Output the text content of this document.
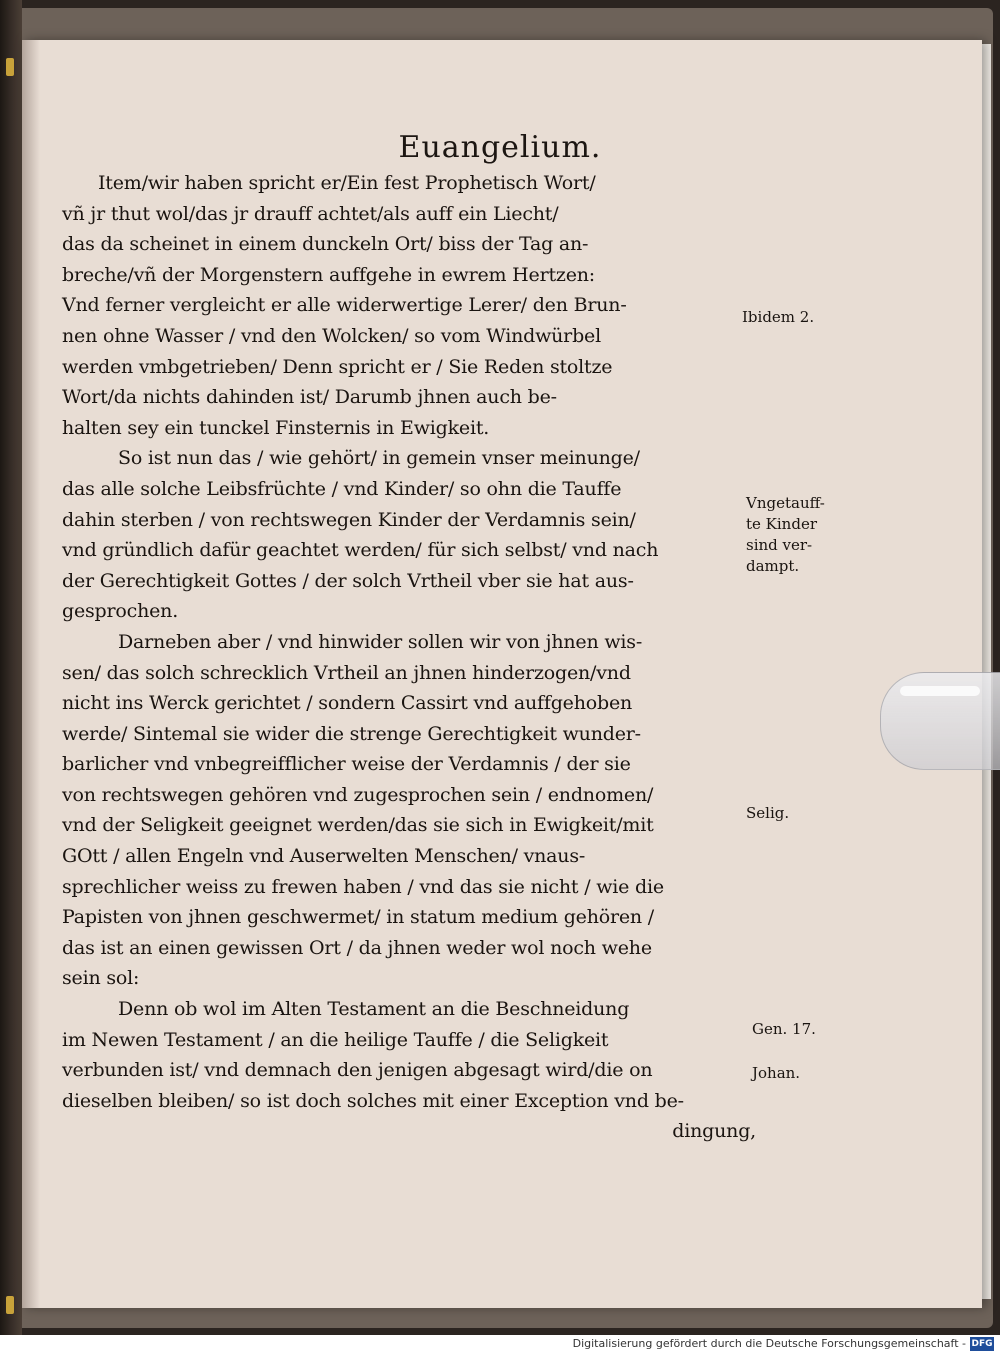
Euangelium.
Item/wir haben spricht er/Ein fest Prophetisch Wort/
vñ jr thut wol/das jr drauff achtet/als auff ein Liecht/
das da scheinet in einem dunckeln Ort/ biss der Tag an-
breche/vñ der Morgenstern auffgehe in ewrem Hertzen:
Vnd ferner vergleicht er alle widerwertige Lerer/ den Brun-
nen ohne Wasser / vnd den Wolcken/ so vom Windwürbel
werden vmbgetrieben/ Denn spricht er / Sie Reden stoltze
Wort/da nichts dahinden ist/ Darumb jhnen auch be-
halten sey ein tunckel Finsternis in Ewigkeit.
So ist nun das / wie gehört/ in gemein vnser meinunge/
das alle solche Leibsfrüchte / vnd Kinder/ so ohn die Tauffe
dahin sterben / von rechtswegen Kinder der Verdamnis sein/
vnd gründlich dafür geachtet werden/ für sich selbst/ vnd nach
der Gerechtigkeit Gottes / der solch Vrtheil vber sie hat aus-
gesprochen.
Darneben aber / vnd hinwider sollen wir von jhnen wis-
sen/ das solch schrecklich Vrtheil an jhnen hinderzogen/vnd
nicht ins Werck gerichtet / sondern Cassirt vnd auffgehoben
werde/ Sintemal sie wider die strenge Gerechtigkeit wunder-
barlicher vnd vnbegreifflicher weise der Verdamnis / der sie
von rechtswegen gehören vnd zugesprochen sein / endnomen/
vnd der Seligkeit geeignet werden/das sie sich in Ewigkeit/mit
GOtt / allen Engeln vnd Auserwelten Menschen/ vnaus-
sprechlicher weiss zu frewen haben / vnd das sie nicht / wie die
Papisten von jhnen geschwermet/ in statum medium gehören /
das ist an einen gewissen Ort / da jhnen weder wol noch wehe
sein sol:
Denn ob wol im Alten Testament an die Beschneidung
im Newen Testament / an die heilige Tauffe / die Seligkeit
verbunden ist/ vnd demnach den jenigen abgesagt wird/die on
dieselben bleiben/ so ist doch solches mit einer Exception vnd be-
dingung,
Ibidem 2.
Vngetauff-
te Kinder
sind ver-
dampt.
Selig.
Gen. 17.
Johan.
Digitalisierung gefördert durch die Deutsche Forschungsgemeinschaft - DFG
